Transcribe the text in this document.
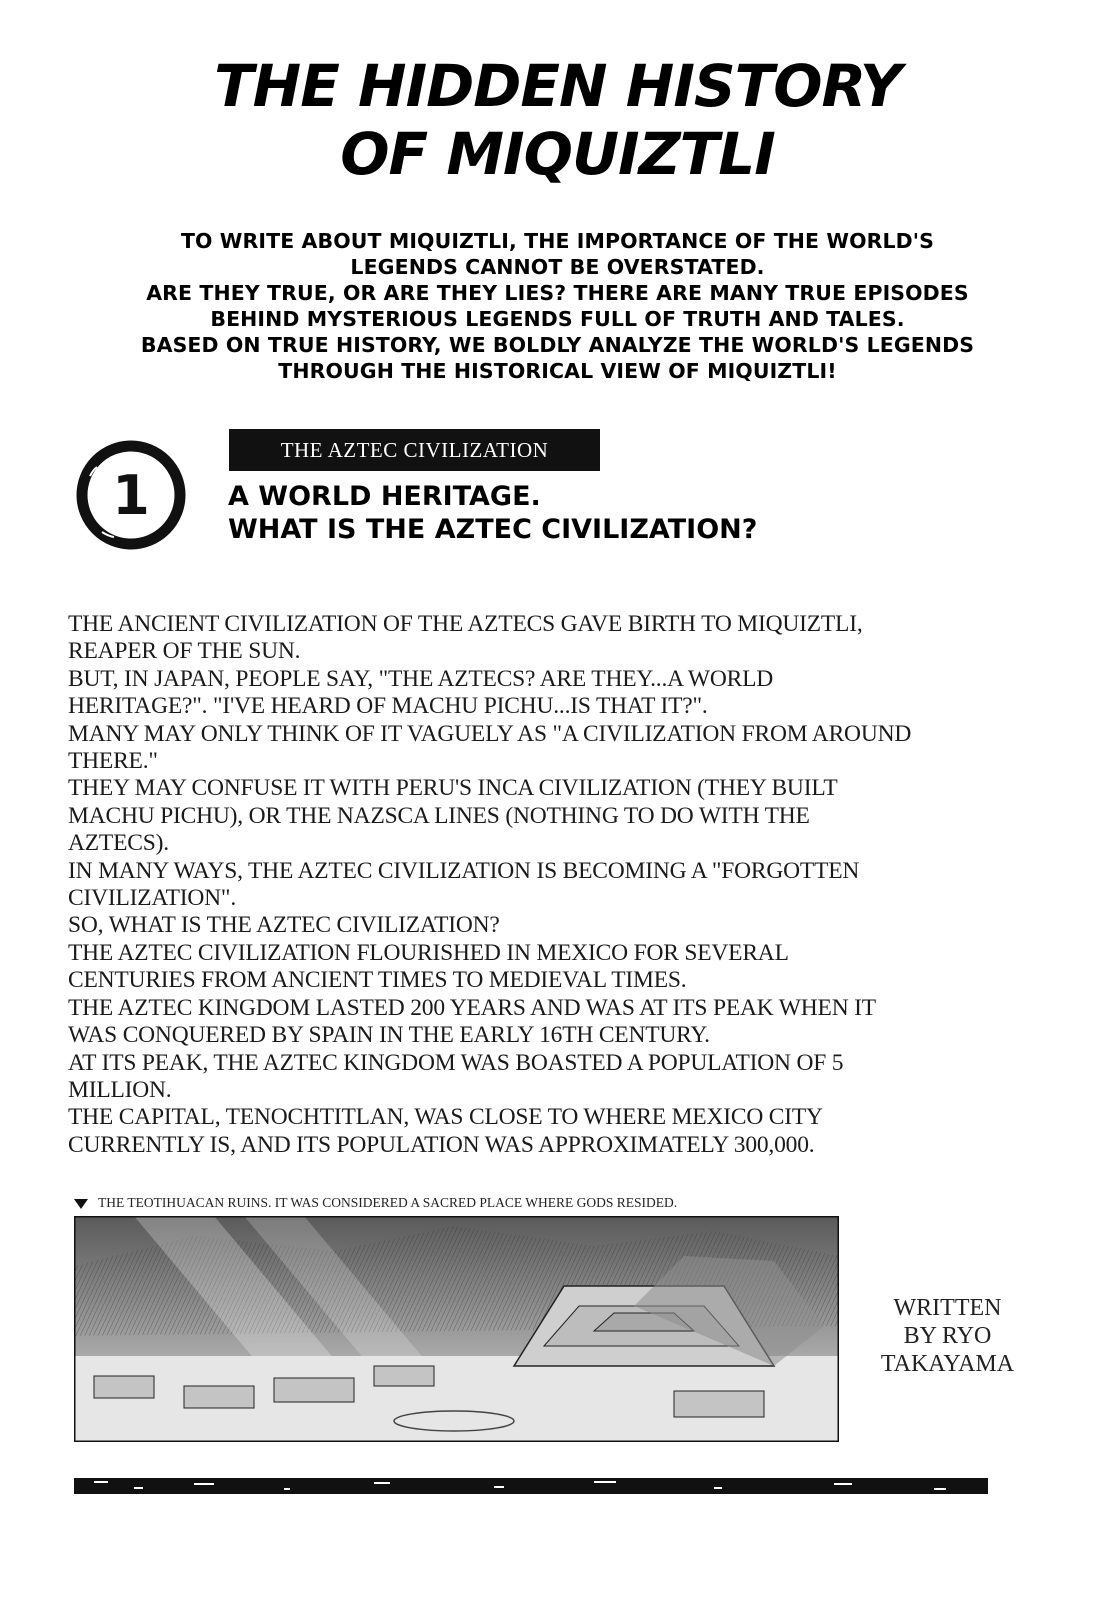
THE HIDDEN HISTORY
OF MIQUIZTLI
TO WRITE ABOUT MIQUIZTLI, THE IMPORTANCE OF THE WORLD'S
LEGENDS CANNOT BE OVERSTATED.
ARE THEY TRUE, OR ARE THEY LIES? THERE ARE MANY TRUE EPISODES
BEHIND MYSTERIOUS LEGENDS FULL OF TRUTH AND TALES.
BASED ON TRUE HISTORY, WE BOLDLY ANALYZE THE WORLD'S LEGENDS
THROUGH THE HISTORICAL VIEW OF MIQUIZTLI!
1
THE AZTEC CIVILIZATION
A WORLD HERITAGE.
WHAT IS THE AZTEC CIVILIZATION?
THE ANCIENT CIVILIZATION OF THE AZTECS GAVE BIRTH TO MIQUIZTLI,
REAPER OF THE SUN.
BUT, IN JAPAN, PEOPLE SAY, "THE AZTECS? ARE THEY...A WORLD
HERITAGE?". "I'VE HEARD OF MACHU PICHU...IS THAT IT?".
MANY MAY ONLY THINK OF IT VAGUELY AS "A CIVILIZATION FROM AROUND
THERE."
THEY MAY CONFUSE IT WITH PERU'S INCA CIVILIZATION (THEY BUILT
MACHU PICHU), OR THE NAZSCA LINES (NOTHING TO DO WITH THE
AZTECS).
IN MANY WAYS, THE AZTEC CIVILIZATION IS BECOMING A "FORGOTTEN
CIVILIZATION".
SO, WHAT IS THE AZTEC CIVILIZATION?
THE AZTEC CIVILIZATION FLOURISHED IN MEXICO FOR SEVERAL
CENTURIES FROM ANCIENT TIMES TO MEDIEVAL TIMES.
THE AZTEC KINGDOM LASTED 200 YEARS AND WAS AT ITS PEAK WHEN IT
WAS CONQUERED BY SPAIN IN THE EARLY 16TH CENTURY.
AT ITS PEAK, THE AZTEC KINGDOM WAS BOASTED A POPULATION OF 5
MILLION.
THE CAPITAL, TENOCHTITLAN, WAS CLOSE TO WHERE MEXICO CITY
CURRENTLY IS, AND ITS POPULATION WAS APPROXIMATELY 300,000.
THE TEOTIHUACAN RUINS. IT WAS CONSIDERED A SACRED PLACE WHERE GODS RESIDED.
WRITTEN
BY RYO
TAKAYAMA
